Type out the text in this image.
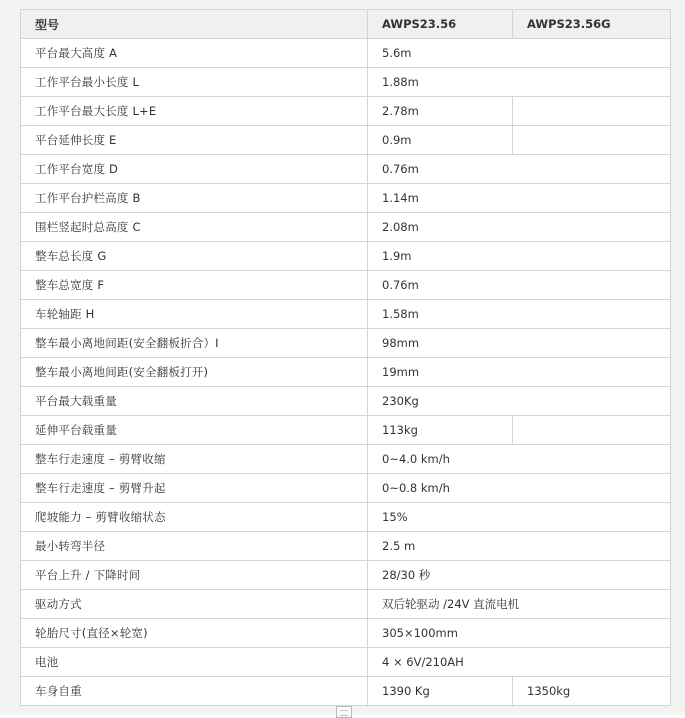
型号	AWPS23.56	AWPS23.56G
平台最大高度 A	5.6m	
工作平台最小长度 L	1.88m	
工作平台最大长度 L+E	2.78m	
平台延伸长度 E	0.9m	
工作平台宽度 D	0.76m	
工作平台护栏高度 B	1.14m	
围栏竖起时总高度 C	2.08m	
整车总长度 G	1.9m	
整车总宽度 F	0.76m	
车轮轴距 H	1.58m	
整车最小离地间距(安全翻板折合）I	98mm	
整车最小离地间距(安全翻板打开)	19mm	
平台最大载重量	230Kg	
延伸平台载重量	113kg	
整车行走速度 – 剪臂收缩	0~4.0 km/h	
整车行走速度 – 剪臂升起	0~0.8 km/h	
爬坡能力 – 剪臂收缩状态	15%	
最小转弯半径	2.5 m	
平台上升 / 下降时间	28/30 秒	
驱动方式	双后轮驱动 /24V 直流电机	
轮胎尺寸(直径×轮宽)	305×100mm	
电池	4 × 6V/210AH	
车身自重	1390 Kg	1350kg
